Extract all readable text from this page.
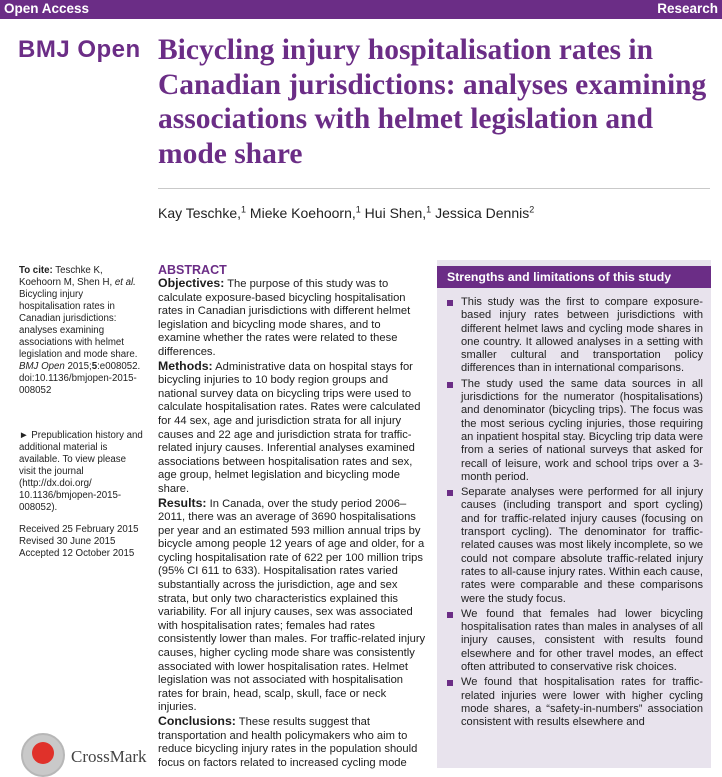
Open Access	Research
BMJ Open Bicycling injury hospitalisation rates in Canadian jurisdictions: analyses examining associations with helmet legislation and mode share
Kay Teschke,$^1$ Mieke Koehoorn,$^1$ Hui Shen,$^1$ Jessica Dennis$^2$
To cite: Teschke K, Koehoorn M, Shen H, et al. Bicycling injury hospitalisation rates in Canadian jurisdictions: analyses examining associations with helmet legislation and mode share. BMJ Open 2015;5:e008052. doi:10.1136/bmjopen-2015-008052
► Prepublication history and additional material is available. To view please visit the journal (http://dx.doi.org/ 10.1136/bmjopen-2015-008052).
Received 25 February 2015
Revised 30 June 2015
Accepted 12 October 2015
CrossMark
ABSTRACT

Objectives: The purpose of this study was to calculate exposure-based bicycling hospitalisation rates in Canadian jurisdictions with different helmet legislation and bicycling mode shares, and to examine whether the rates were related to these differences.

Methods: Administrative data on hospital stays for bicycling injuries to 10 body region groups and national survey data on bicycling trips were used to calculate hospitalisation rates. Rates were calculated for 44 sex, age and jurisdiction strata for all injury causes and 22 age and jurisdiction strata for traffic-related injury causes. Inferential analyses examined associations between hospitalisation rates and sex, age group, helmet legislation and bicycling mode share.

Results: In Canada, over the study period 2006–2011, there was an average of 3690 hospitalisations per year and an estimated 593 million annual trips by bicycle among people 12 years of age and older, for a cycling hospitalisation rate of 622 per 100 million trips (95% CI 611 to 633). Hospitalisation rates varied substantially across the jurisdiction, age and sex strata, but only two characteristics explained this variability. For all injury causes, sex was associated with hospitalisation rates; females had rates consistently lower than males. For traffic-related injury causes, higher cycling mode share was consistently associated with lower hospitalisation rates. Helmet legislation was not associated with hospitalisation rates for brain, head, scalp, skull, face or neck injuries.

Conclusions: These results suggest that transportation and health policymakers who aim to reduce bicycling injury rates in the population should focus on factors related to increased cycling mode

Strengths and limitations of this study
This study was the first to compare exposure-based injury rates between jurisdictions with different helmet laws and cycling mode shares in one country. It allowed analyses in a setting with smaller cultural and transportation policy differences than in international comparisons.
The study used the same data sources in all jurisdictions for the numerator (hospitalisations) and denominator (bicycling trips). The focus was the most serious cycling injuries, those requiring an inpatient hospital stay. Bicycling trip data were from a series of national surveys that asked for recall of leisure, work and school trips over a 3-month period.
Separate analyses were performed for all injury causes (including transport and sport cycling) and for traffic-related injury causes (focusing on transport cycling). The denominator for traffic-related causes was most likely incomplete, so we could not compare absolute traffic-related injury rates to all-cause injury rates. Within each cause, rates were comparable and these comparisons were the study focus.
We found that females had lower bicycling hospitalisation rates than males in analyses of all injury causes, consistent with results found elsewhere and for other travel modes, an effect often attributed to conservative risk choices.
We found that hospitalisation rates for traffic-related injuries were lower with higher cycling mode shares, a “safety-in-numbers” association consistent with results elsewhere and
